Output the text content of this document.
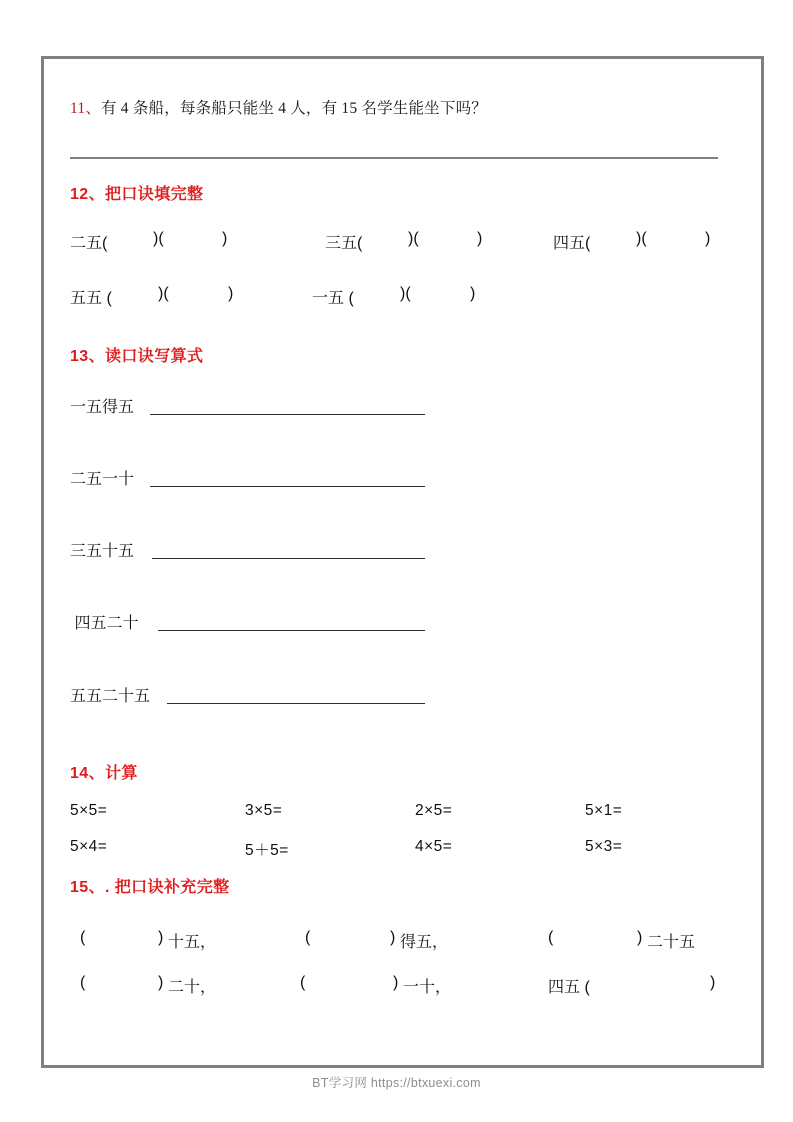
11、有 4 条船，每条船只能坐 4 人，有 15 名学生能坐下吗？
12、把口诀填完整
二五(	)(	)	三五(	)(	)	四五(	)(	)
五五 (	)(	)	一五 (	)(	)
13、读口诀写算式
一五得五
二五一十
三五十五
四五二十
五五二十五
14、计算
5×5=	3×5=	2×5=	5×1=
5×4=	5＋5=	4×5=	5×3=
15、. 把口诀补充完整
(	) 十五，	(	) 得五，	(	) 二十五
(	) 二十，	(	) 一十，	四五 (	)
BT学习网 https://btxuexi.com
